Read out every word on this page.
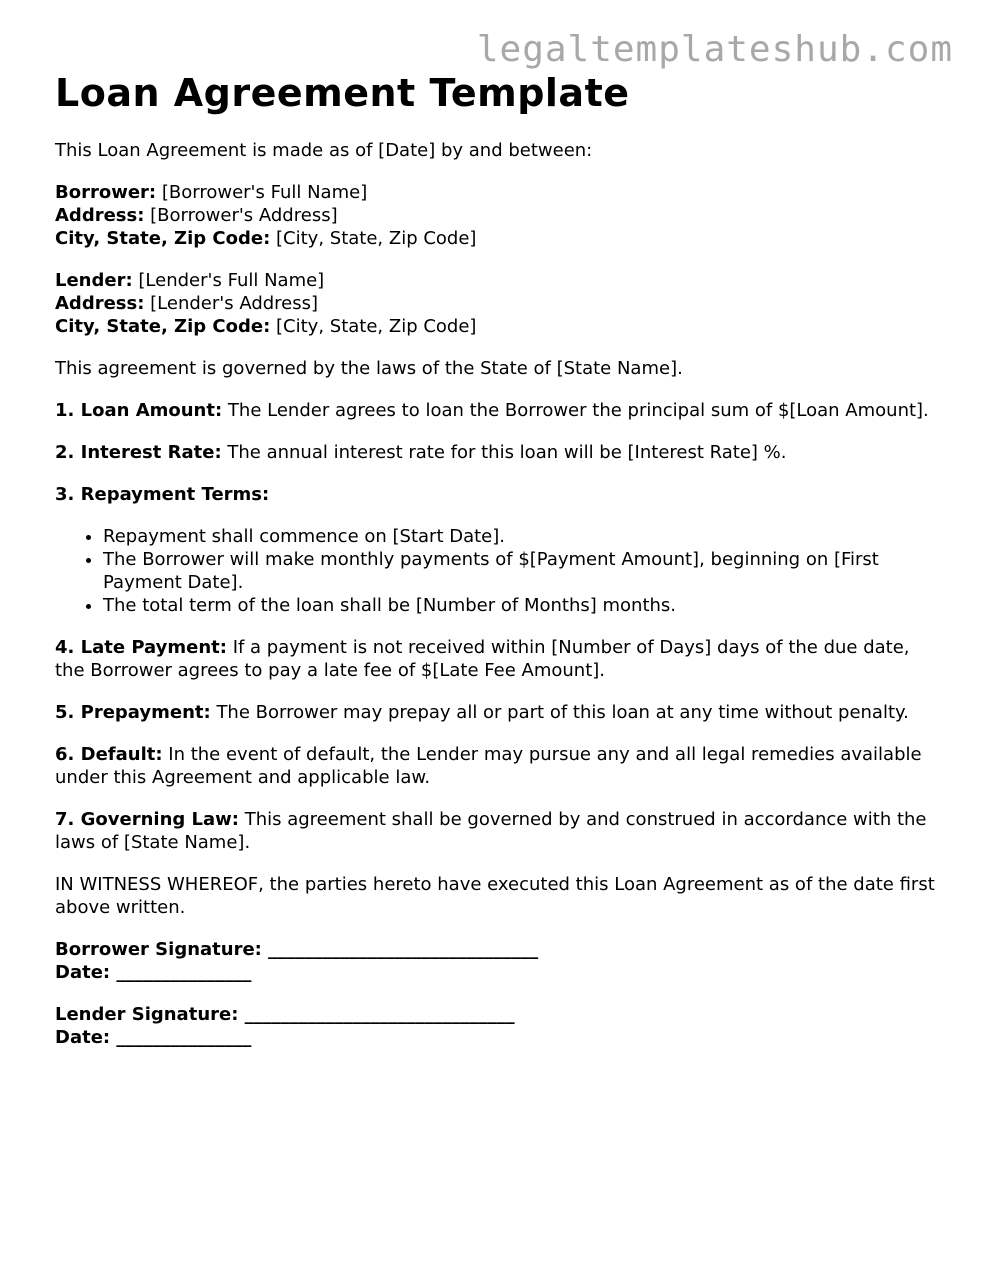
legaltemplateshub.com
Loan Agreement Template

This Loan Agreement is made as of [Date] by and between:

Borrower: [Borrower's Full Name]
Address: [Borrower's Address]
City, State, Zip Code: [City, State, Zip Code]
Lender: [Lender's Full Name]
Address: [Lender's Address]
City, State, Zip Code: [City, State, Zip Code]

This agreement is governed by the laws of the State of [State Name].

1. Loan Amount: The Lender agrees to loan the Borrower the principal sum of $[Loan Amount].

2. Interest Rate: The annual interest rate for this loan will be [Interest Rate] %.

3. Repayment Terms:

• Repayment shall commence on [Start Date].
• The Borrower will make monthly payments of $[Payment Amount], beginning on [First Payment Date].
• The total term of the loan shall be [Number of Months] months.

4. Late Payment: If a payment is not received within [Number of Days] days of the due date, the Borrower agrees to pay a late fee of $[Late Fee Amount].

5. Prepayment: The Borrower may prepay all or part of this loan at any time without penalty.

6. Default: In the event of default, the Lender may pursue any and all legal remedies available under this Agreement and applicable law.

7. Governing Law: This agreement shall be governed by and construed in accordance with the laws of [State Name].

IN WITNESS WHEREOF, the parties hereto have executed this Loan Agreement as of the date first above written.

Borrower Signature: ______________________________
Date: _______________
Lender Signature: ______________________________
Date: _______________
